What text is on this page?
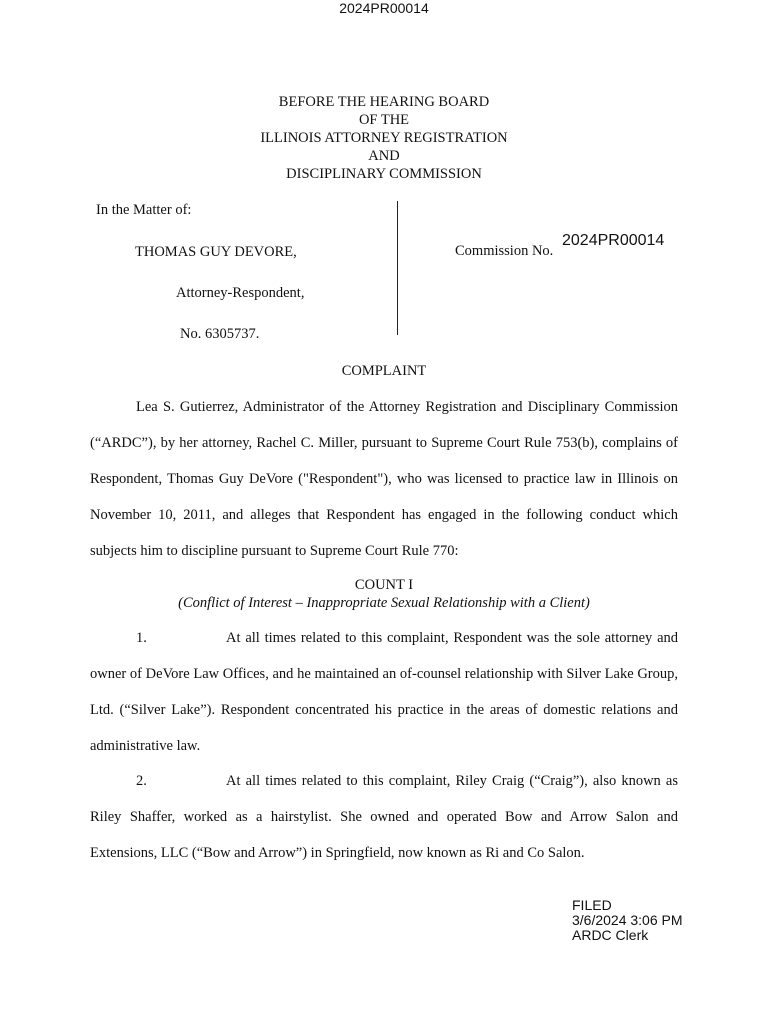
2024PR00014
BEFORE THE HEARING BOARD
OF THE
ILLINOIS ATTORNEY REGISTRATION
AND
DISCIPLINARY COMMISSION
In the Matter of:
THOMAS GUY DEVORE,
Attorney-Respondent,
No. 6305737.
Commission No.
2024PR00014
COMPLAINT
Lea S. Gutierrez, Administrator of the Attorney Registration and Disciplinary Commission (“ARDC”), by her attorney, Rachel C. Miller, pursuant to Supreme Court Rule 753(b), complains of Respondent, Thomas Guy DeVore ("Respondent"), who was licensed to practice law in Illinois on November 10, 2011, and alleges that Respondent has engaged in the following conduct which subjects him to discipline pursuant to Supreme Court Rule 770:
COUNT I
(Conflict of Interest – Inappropriate Sexual Relationship with a Client)
1.	At all times related to this complaint, Respondent was the sole attorney and owner of DeVore Law Offices, and he maintained an of-counsel relationship with Silver Lake Group, Ltd. (“Silver Lake”). Respondent concentrated his practice in the areas of domestic relations and administrative law.
2.	At all times related to this complaint, Riley Craig (“Craig”), also known as Riley Shaffer, worked as a hairstylist. She owned and operated Bow and Arrow Salon and Extensions, LLC (“Bow and Arrow”) in Springfield, now known as Ri and Co Salon.
FILED
3/6/2024 3:06 PM
ARDC Clerk
